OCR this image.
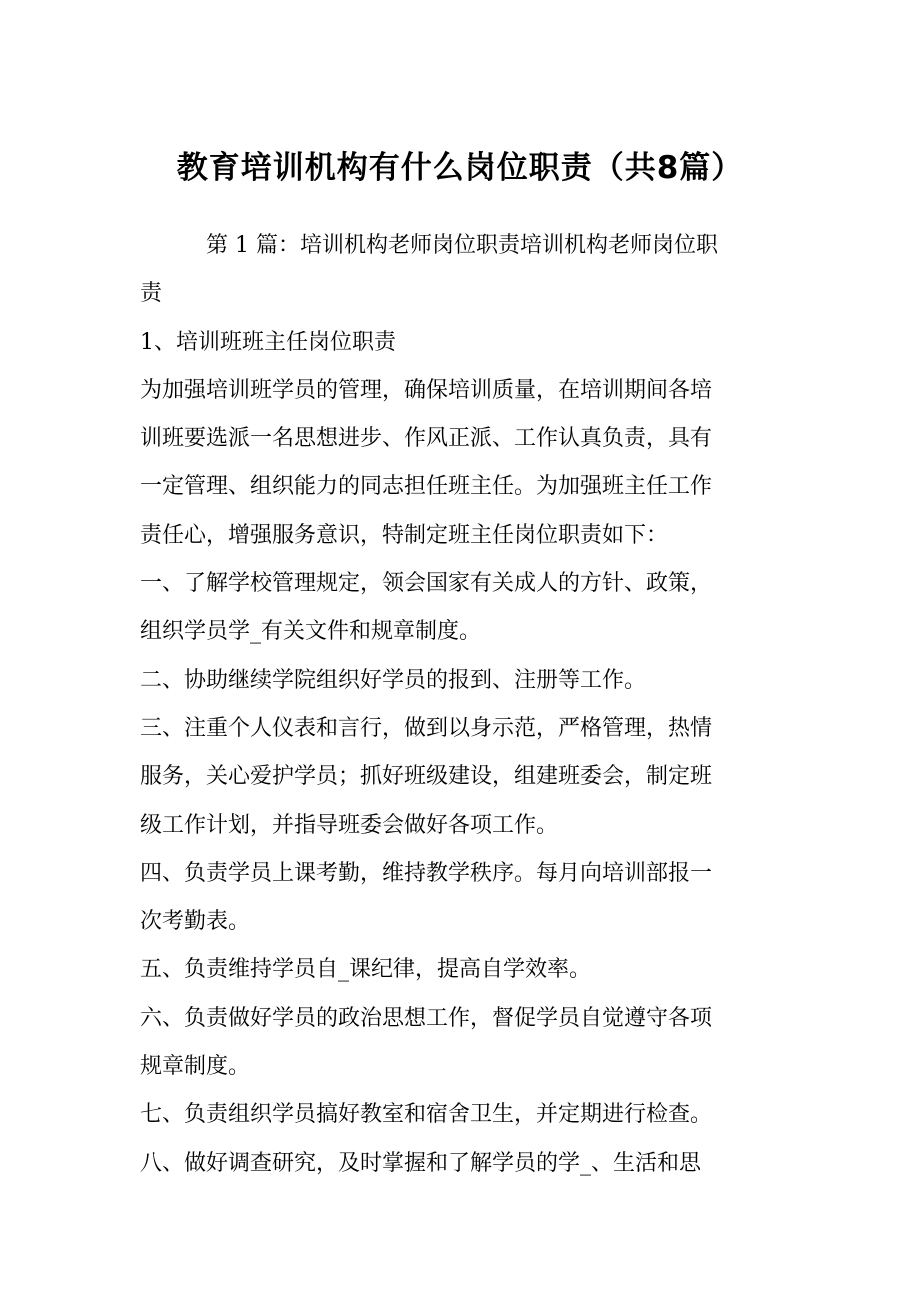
教育培训机构有什么岗位职责（共8篇）

第 1 篇：培训机构老师岗位职责培训机构老师岗位职

责

1、培训班班主任岗位职责

为加强培训班学员的管理，确保培训质量，在培训期间各培

训班要选派一名思想进步、作风正派、工作认真负责，具有

一定管理、组织能力的同志担任班主任。为加强班主任工作

责任心，增强服务意识，特制定班主任岗位职责如下：

一、了解学校管理规定，领会国家有关成人的方针、政策，

组织学员学_有关文件和规章制度。

二、协助继续学院组织好学员的报到、注册等工作。

三、注重个人仪表和言行，做到以身示范，严格管理，热情

服务，关心爱护学员；抓好班级建设，组建班委会，制定班

级工作计划，并指导班委会做好各项工作。

四、负责学员上课考勤，维持教学秩序。每月向培训部报一

次考勤表。

五、负责维持学员自_课纪律，提高自学效率。

六、负责做好学员的政治思想工作，督促学员自觉遵守各项

规章制度。

七、负责组织学员搞好教室和宿舍卫生，并定期进行检查。

八、做好调查研究，及时掌握和了解学员的学_、生活和思
